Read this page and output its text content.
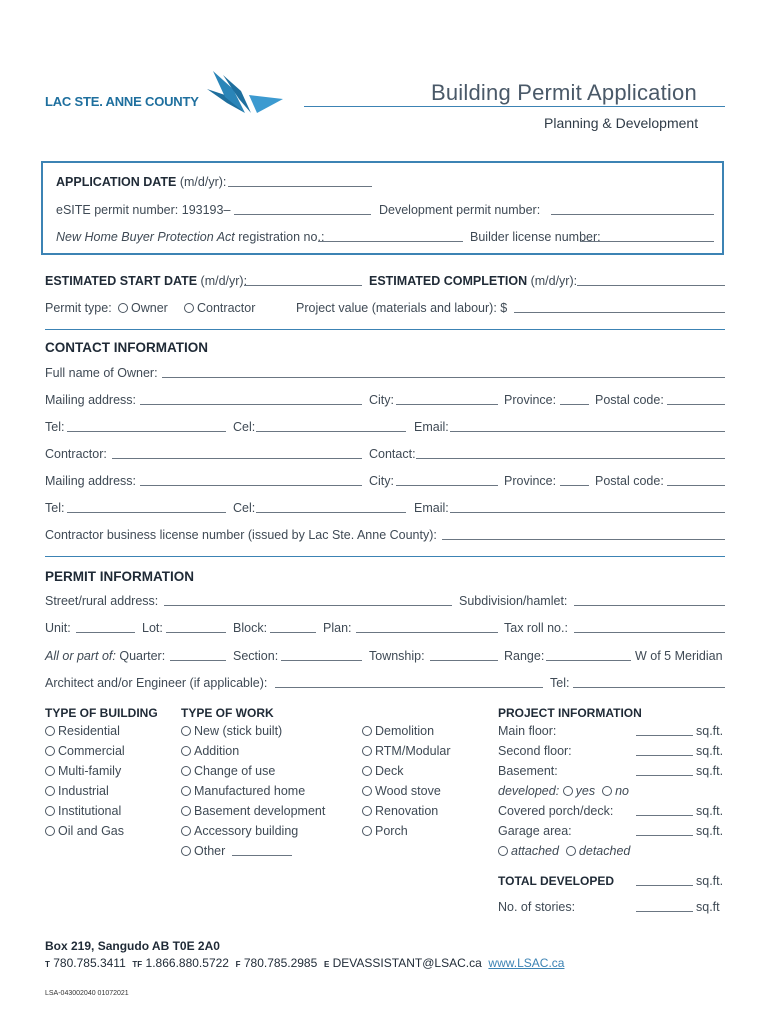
LAC STE. ANNE COUNTY	Building Permit Application
Planning & Development
APPLICATION DATE (m/d/yr):
eSITE permit number: 193193–	Development permit number:
New Home Buyer Protection Act registration no.:	Builder license number:
ESTIMATED START DATE (m/d/yr):	ESTIMATED COMPLETION (m/d/yr):
Permit type:	Owner	Contractor	Project value (materials and labour): $
CONTACT INFORMATION
Full name of Owner:
Mailing address:	City:	Province:	Postal code:
Tel:	Cel:	Email:
Contractor:	Contact:
Mailing address:	City:	Province:	Postal code:
Tel:	Cel:	Email:
Contractor business license number (issued by Lac Ste. Anne County):
PERMIT INFORMATION
Street/rural address:	Subdivision/hamlet:
Unit:	Lot:	Block:	Plan:	Tax roll no.:
All or part of: Quarter:	Section:	Township:	Range:	W of 5 Meridian
Architect and/or Engineer (if applicable):	Tel:
TYPE OF BUILDING
Residential
Commercial
Multi-family
Industrial
Institutional
Oil and Gas
TYPE OF WORK
New (stick built)
Addition
Change of use
Manufactured home
Basement development
Accessory building
Other
Demolition
RTM/Modular
Deck
Wood stove
Renovation
Porch
PROJECT INFORMATION
Main floor:	sq.ft.
Second floor:	sq.ft.
Basement:	sq.ft.
developed: yes no
Covered porch/deck:	sq.ft.
Garage area:	sq.ft.
attached detached
TOTAL DEVELOPED	sq.ft.
No. of stories:	sq.ft
Box 219, Sangudo AB T0E 2A0
T 780.785.3411 TF 1.866.880.5722 F 780.785.2985 E DEVASSISTANT@LSAC.ca www.LSAC.ca
LSA-043002040 01072021
